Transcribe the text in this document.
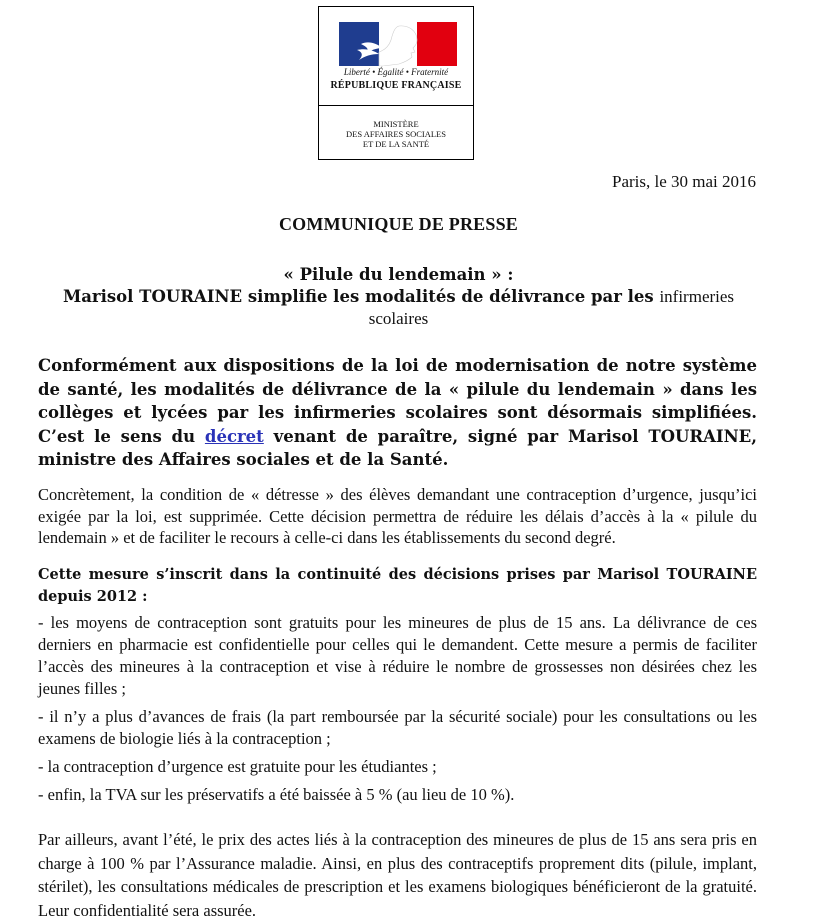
Liberté • Égalité • Fraternité
RÉPUBLIQUE FRANÇAISE
MINISTÈRE
DES AFFAIRES SOCIALES
ET DE LA SANTÉ
Paris, le 30 mai 2016
COMMUNIQUE DE PRESSE
« Pilule du lendemain » :
Marisol TOURAINE simplifie les modalités de délivrance par les infirmeries scolaires
Conformément aux dispositions de la loi de modernisation de notre système de santé, les modalités de délivrance de la « pilule du lendemain » dans les collèges et lycées par les infirmeries scolaires sont désormais simplifiées. C’est le sens du décret venant de paraître, signé par Marisol TOURAINE, ministre des Affaires sociales et de la Santé.
Concrètement, la condition de « détresse » des élèves demandant une contraception d’urgence, jusqu’ici exigée par la loi, est supprimée. Cette décision permettra de réduire les délais d’accès à la « pilule du lendemain » et de faciliter le recours à celle-ci dans les établissements du second degré.
Cette mesure s’inscrit dans la continuité des décisions prises par Marisol TOURAINE depuis 2012 :
- les moyens de contraception sont gratuits pour les mineures de plus de 15 ans. La délivrance de ces derniers en pharmacie est confidentielle pour celles qui le demandent. Cette mesure a permis de faciliter l’accès des mineures à la contraception et vise à réduire le nombre de grossesses non désirées chez les jeunes filles ;
- il n’y a plus d’avances de frais (la part remboursée par la sécurité sociale) pour les consultations ou les examens de biologie liés à la contraception ;
- la contraception d’urgence est gratuite pour les étudiantes ;
- enfin, la TVA sur les préservatifs a été baissée à 5 % (au lieu de 10 %).
Par ailleurs, avant l’été, le prix des actes liés à la contraception des mineures de plus de 15 ans sera pris en charge à 100 % par l’Assurance maladie. Ainsi, en plus des contraceptifs proprement dits (pilule, implant, stérilet), les consultations médicales de prescription et les examens biologiques bénéficieront de la gratuité. Leur confidentialité sera assurée.
